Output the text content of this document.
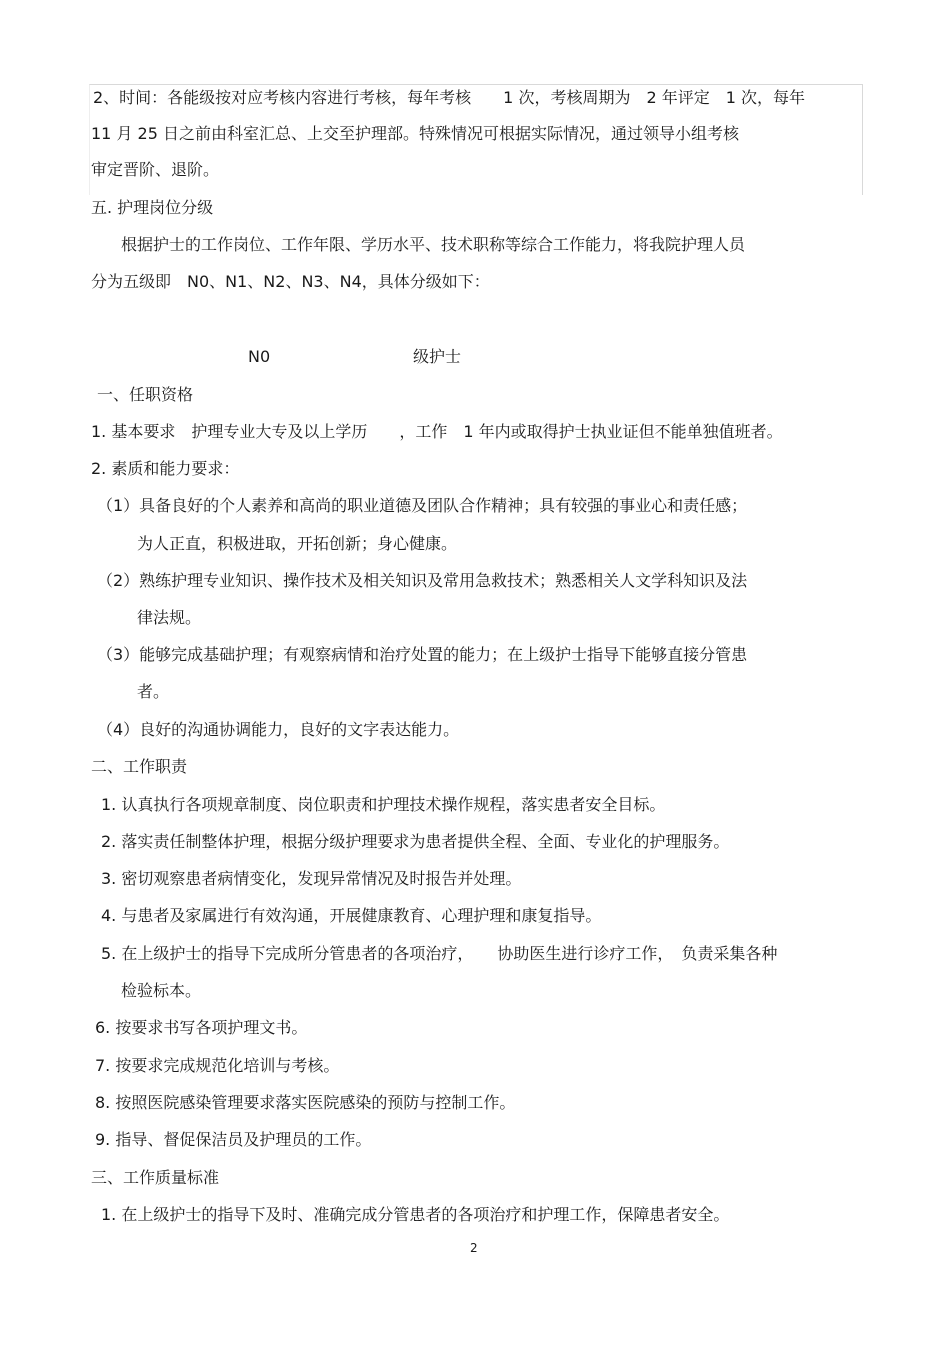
2、时间：各能级按对应考核内容进行考核，每年考核　　1 次，考核周期为　2 年评定　1 次，每年
11 月 25 日之前由科室汇总、上交至护理部。特殊情况可根据实际情况，通过领导小组考核
审定晋阶、退阶。
五. 护理岗位分级
根据护士的工作岗位、工作年限、学历水平、技术职称等综合工作能力，将我院护理人员
分为五级即　N0、N1、N2、N3、N4，具体分级如下：
N0	级护士
一、任职资格
1. 基本要求　护理专业大专及以上学历　　，工作　1 年内或取得护士执业证但不能单独值班者。
2. 素质和能力要求：
（1）具备良好的个人素养和高尚的职业道德及团队合作精神；具有较强的事业心和责任感；
为人正直，积极进取，开拓创新；身心健康。
（2）熟练护理专业知识、操作技术及相关知识及常用急救技术；熟悉相关人文学科知识及法
律法规。
（3）能够完成基础护理；有观察病情和治疗处置的能力；在上级护士指导下能够直接分管患
者。
（4）良好的沟通协调能力，良好的文字表达能力。
二、工作职责
1. 认真执行各项规章制度、岗位职责和护理技术操作规程，落实患者安全目标。
2. 落实责任制整体护理，根据分级护理要求为患者提供全程、全面、专业化的护理服务。
3. 密切观察患者病情变化，发现异常情况及时报告并处理。
4. 与患者及家属进行有效沟通，开展健康教育、心理护理和康复指导。
5. 在上级护士的指导下完成所分管患者的各项治疗，　　协助医生进行诊疗工作，　负责采集各种
检验标本。
6. 按要求书写各项护理文书。
7. 按要求完成规范化培训与考核。
8. 按照医院感染管理要求落实医院感染的预防与控制工作。
9. 指导、督促保洁员及护理员的工作。
三、工作质量标准
1. 在上级护士的指导下及时、准确完成分管患者的各项治疗和护理工作，保障患者安全。
2
